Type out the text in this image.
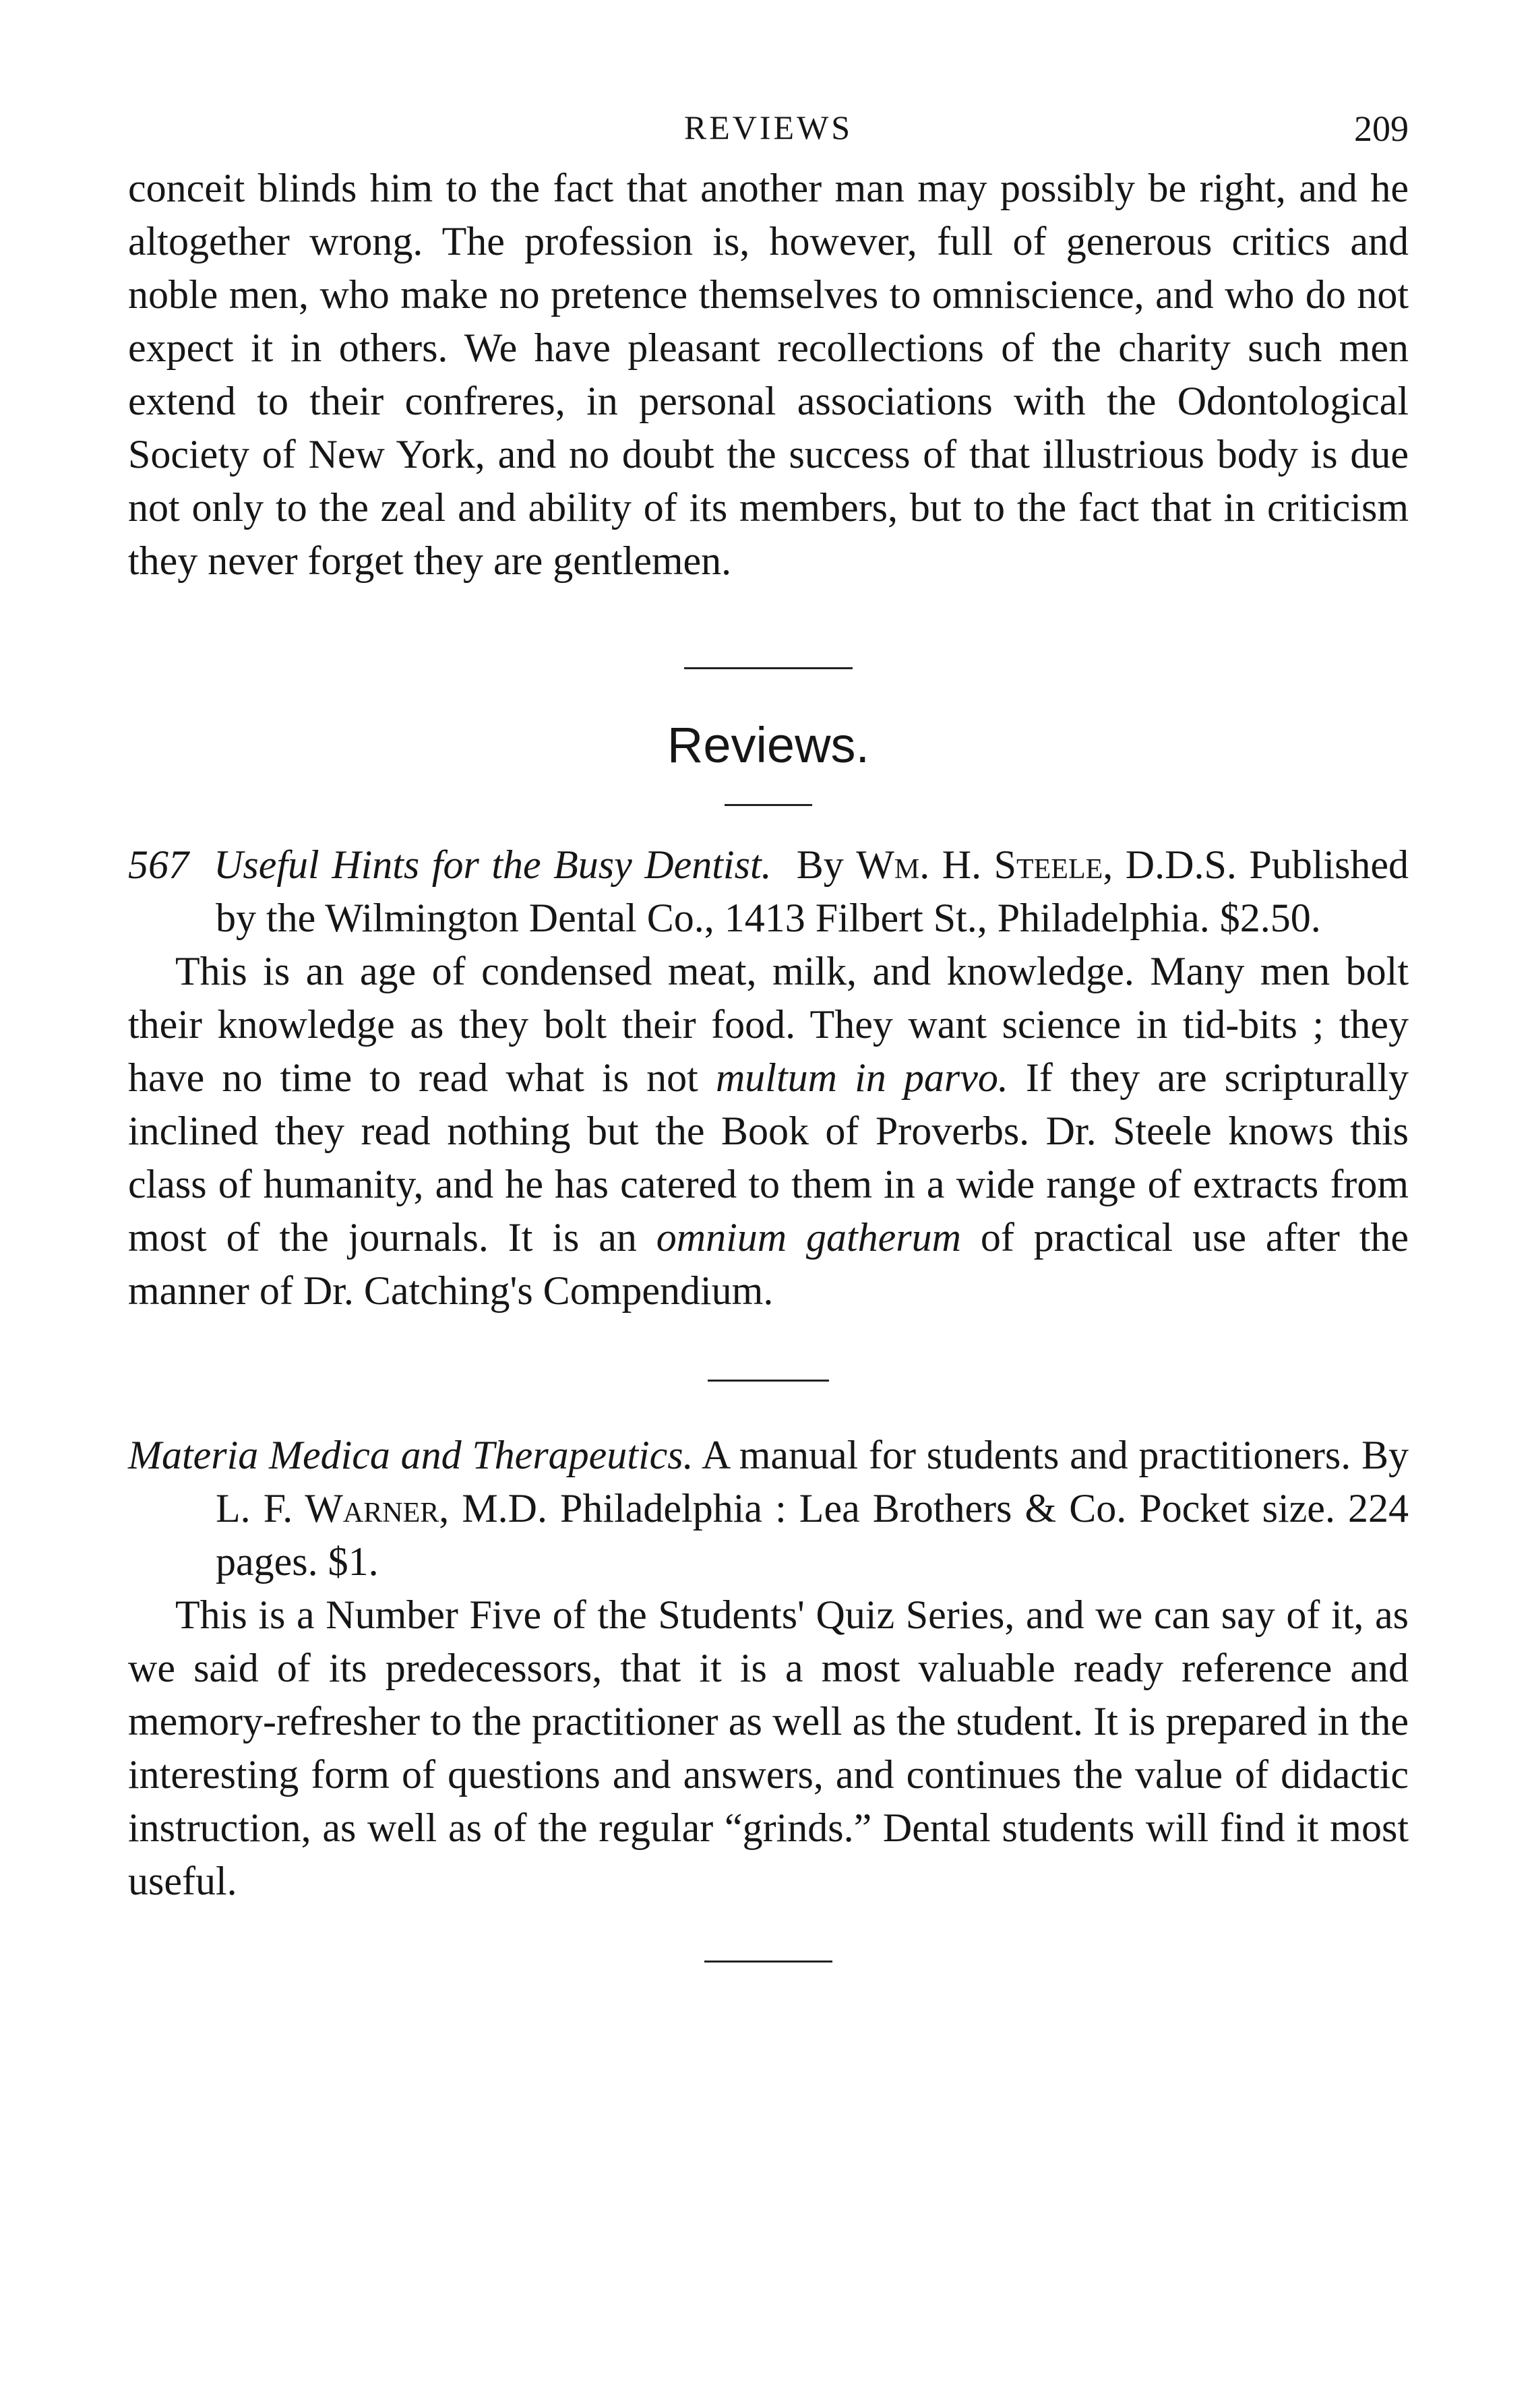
REVIEWS	209

conceit blinds him to the fact that another man may possibly be right, and he altogether wrong. The profession is, however, full of generous critics and noble men, who make no pretence themselves to omniscience, and who do not expect it in others. We have pleasant recollections of the charity such men extend to their confreres, in personal associations with the Odontological Society of New York, and no doubt the success of that illustrious body is due not only to the zeal and ability of its members, but to the fact that in criticism they never forget they are gentlemen.

Reviews.
567 Useful Hints for the Busy Dentist. By Wm. H. Steele, D.D.S. Published by the Wilmington Dental Co., 1413 Filbert St., Philadelphia. $2.50.

This is an age of condensed meat, milk, and knowledge. Many men bolt their knowledge as they bolt their food. They want science in tid-bits ; they have no time to read what is not multum in parvo. If they are scripturally inclined they read nothing but the Book of Proverbs. Dr. Steele knows this class of humanity, and he has catered to them in a wide range of extracts from most of the journals. It is an omnium gatherum of practical use after the manner of Dr. Catching's Compendium.

Materia Medica and Therapeutics. A manual for students and practitioners. By L. F. Warner, M.D. Philadelphia : Lea Brothers & Co. Pocket size. 224 pages. $1.

This is a Number Five of the Students' Quiz Series, and we can say of it, as we said of its predecessors, that it is a most valuable ready reference and memory-refresher to the practitioner as well as the student. It is prepared in the interesting form of questions and answers, and continues the value of didactic instruction, as well as of the regular “grinds.” Dental students will find it most useful.
